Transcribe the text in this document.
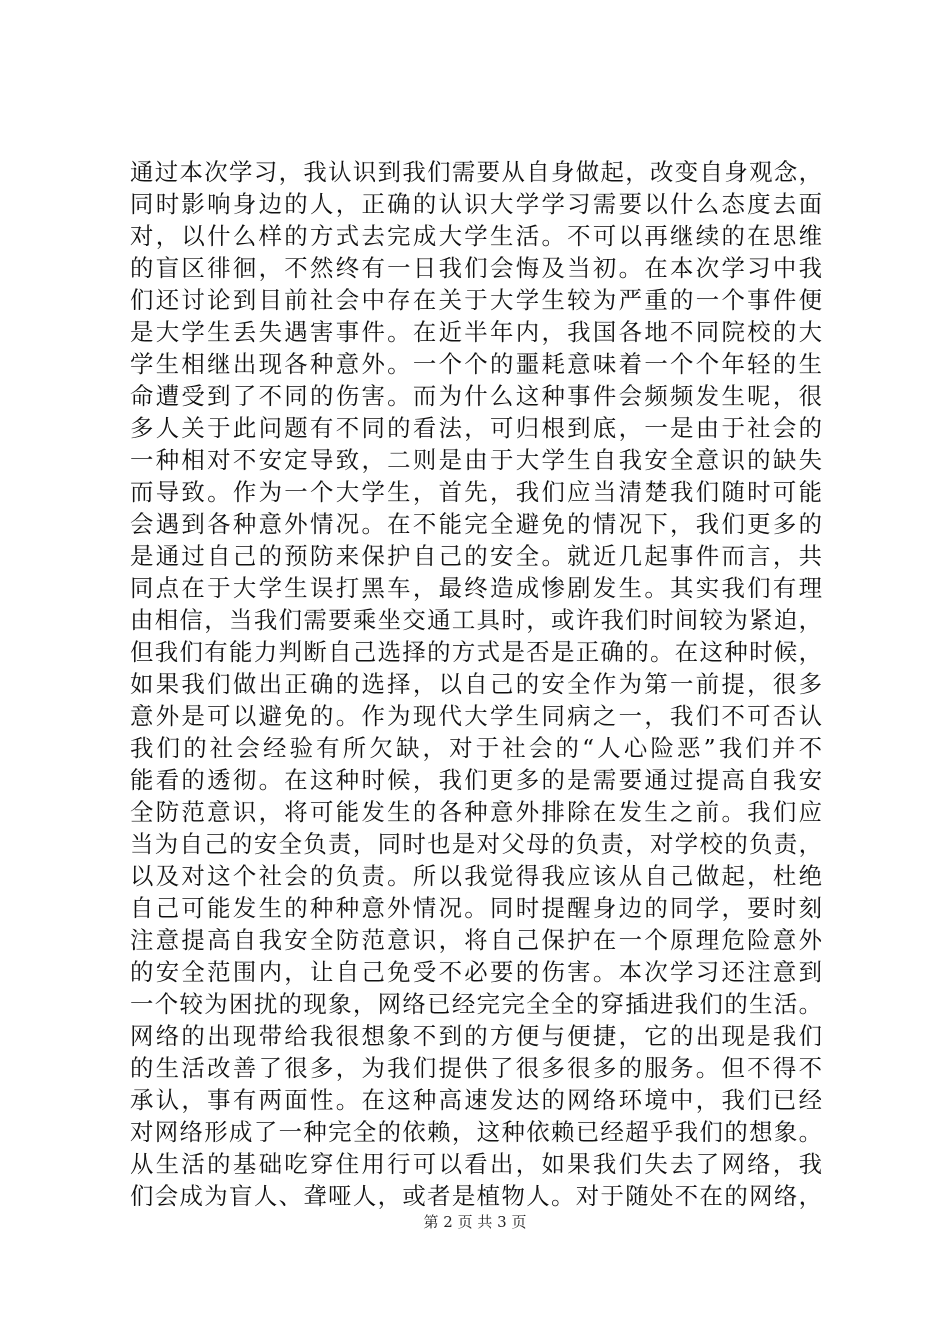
通过本次学习，我认识到我们需要从自身做起，改变自身观念，
同时影响身边的人，正确的认识大学学习需要以什么态度去面
对，以什么样的方式去完成大学生活。不可以再继续的在思维
的盲区徘徊，不然终有一日我们会悔及当初。在本次学习中我
们还讨论到目前社会中存在关于大学生较为严重的一个事件便
是大学生丢失遇害事件。在近半年内，我国各地不同院校的大
学生相继出现各种意外。一个个的噩耗意味着一个个年轻的生
命遭受到了不同的伤害。而为什么这种事件会频频发生呢，很
多人关于此问题有不同的看法，可归根到底，一是由于社会的
一种相对不安定导致，二则是由于大学生自我安全意识的缺失
而导致。作为一个大学生，首先，我们应当清楚我们随时可能
会遇到各种意外情况。在不能完全避免的情况下，我们更多的
是通过自己的预防来保护自己的安全。就近几起事件而言，共
同点在于大学生误打黑车，最终造成惨剧发生。其实我们有理
由相信，当我们需要乘坐交通工具时，或许我们时间较为紧迫，
但我们有能力判断自己选择的方式是否是正确的。在这种时候，
如果我们做出正确的选择，以自己的安全作为第一前提，很多
意外是可以避免的。作为现代大学生同病之一，我们不可否认
我们的社会经验有所欠缺，对于社会的“人心险恶”我们并不
能看的透彻。在这种时候，我们更多的是需要通过提高自我安
全防范意识，将可能发生的各种意外排除在发生之前。我们应
当为自己的安全负责，同时也是对父母的负责，对学校的负责，
以及对这个社会的负责。所以我觉得我应该从自己做起，杜绝
自己可能发生的种种意外情况。同时提醒身边的同学，要时刻
注意提高自我安全防范意识，将自己保护在一个原理危险意外
的安全范围内，让自己免受不必要的伤害。本次学习还注意到
一个较为困扰的现象，网络已经完完全全的穿插进我们的生活。
网络的出现带给我很想象不到的方便与便捷，它的出现是我们
的生活改善了很多，为我们提供了很多很多的服务。但不得不
承认，事有两面性。在这种高速发达的网络环境中，我们已经
对网络形成了一种完全的依赖，这种依赖已经超乎我们的想象。
从生活的基础吃穿住用行可以看出，如果我们失去了网络，我
们会成为盲人、聋哑人，或者是植物人。对于随处不在的网络，
第 2 页 共 3 页
